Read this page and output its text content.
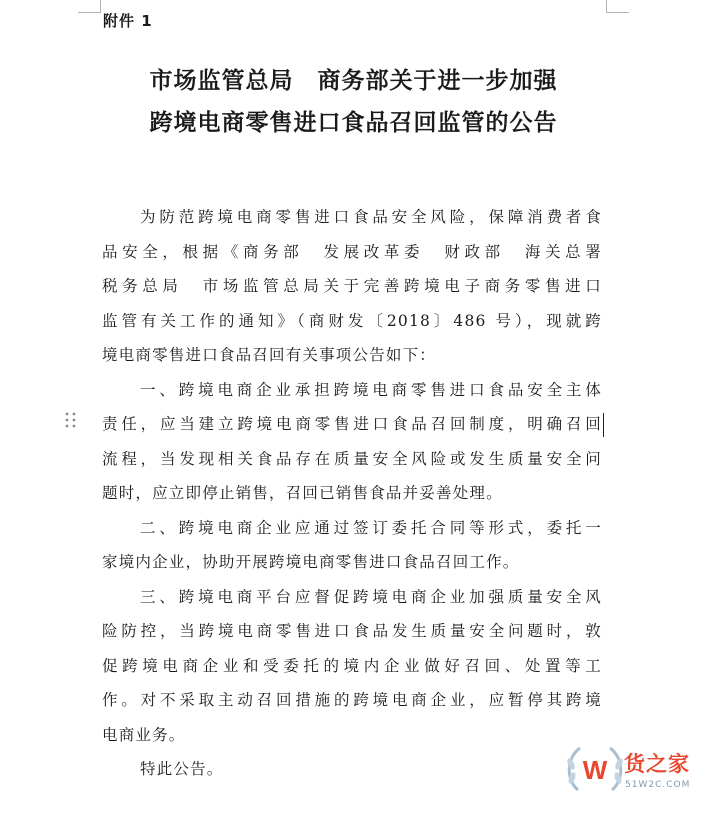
附件 1
市场监管总局　商务部关于进一步加强
跨境电商零售进口食品召回监管的公告
为防范跨境电商零售进口食品安全风险，保障消费者食
品安全，根据《商务部　发展改革委　财政部　海关总署
税务总局　市场监管总局关于完善跨境电子商务零售进口
监管有关工作的通知》（商财发〔2018〕486 号），现就跨
境电商零售进口食品召回有关事项公告如下：
一、跨境电商企业承担跨境电商零售进口食品安全主体
责任，应当建立跨境电商零售进口食品召回制度，明确召回
流程，当发现相关食品存在质量安全风险或发生质量安全问
题时，应立即停止销售，召回已销售食品并妥善处理。
二、跨境电商企业应通过签订委托合同等形式，委托一
家境内企业，协助开展跨境电商零售进口食品召回工作。
三、跨境电商平台应督促跨境电商企业加强质量安全风
险防控，当跨境电商零售进口食品发生质量安全问题时，敦
促跨境电商企业和受委托的境内企业做好召回、处置等工
作。对不采取主动召回措施的跨境电商企业，应暂停其跨境
电商业务。
特此公告。	W 货之家
51W2C.COM
